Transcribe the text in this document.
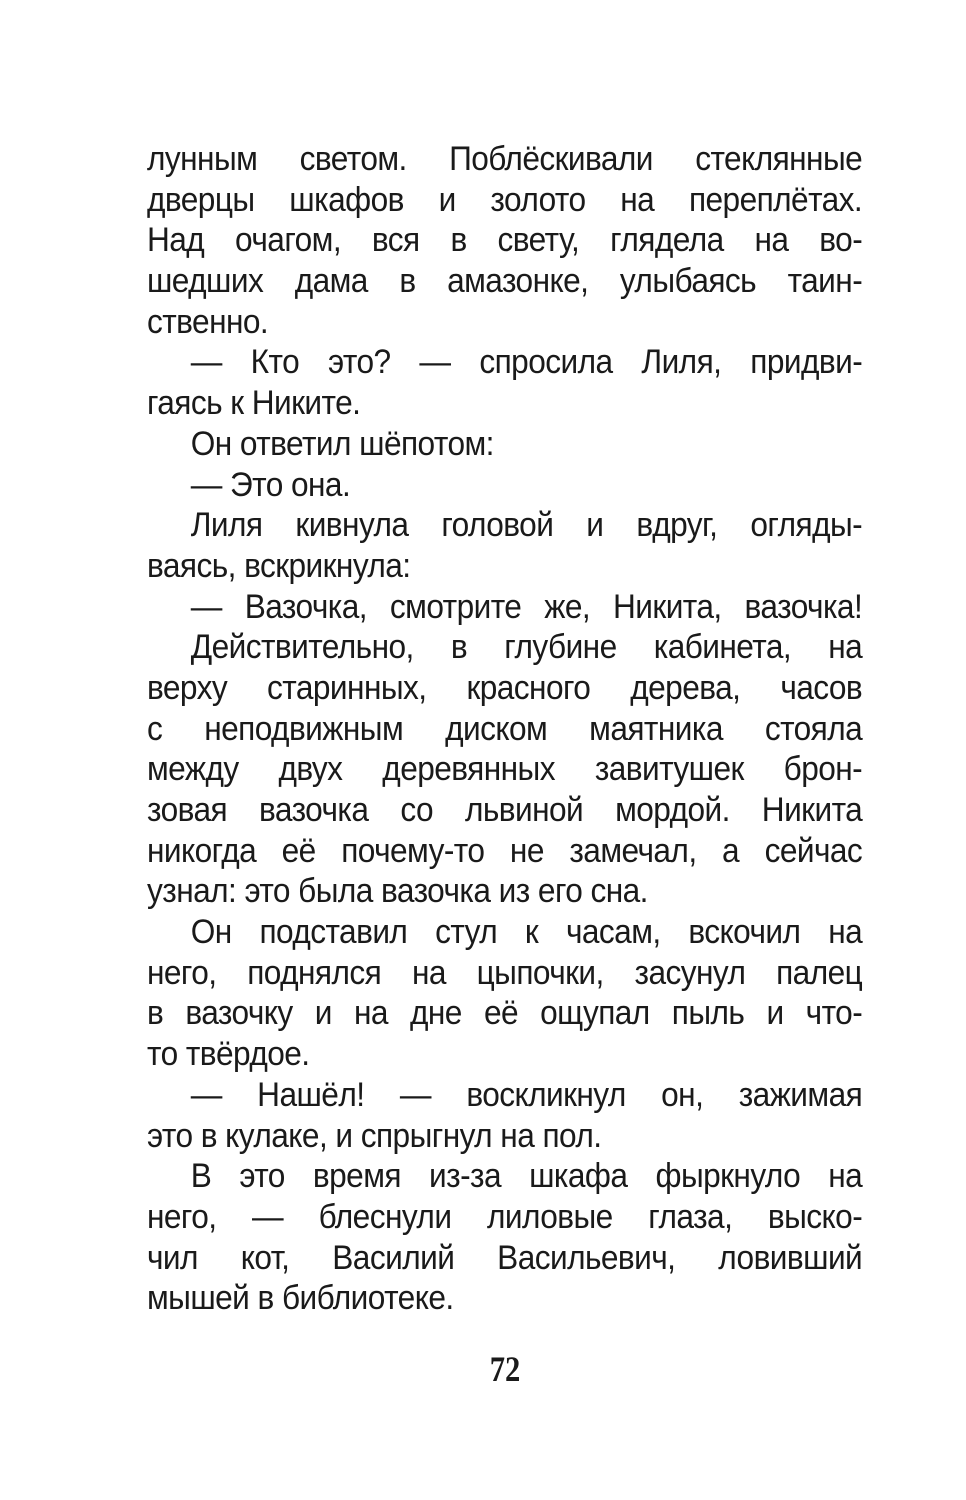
лунным светом. Поблёскивали стеклянные
дверцы шкафов и золото на переплётах.
Над очагом, вся в свету, глядела на во-
шедших дама в амазонке, улыбаясь таин-
ственно.
— Кто это? — спросила Лиля, придви-
гаясь к Никите.
Он ответил шёпотом:
— Это она.
Лиля кивнула головой и вдруг, огляды-
ваясь, вскрикнула:
— Вазочка, смотрите же, Никита, вазочка!
Действительно, в глубине кабинета, на
верху старинных, красного дерева, часов
с неподвижным диском маятника стояла
между двух деревянных завитушек брон-
зовая вазочка со львиной мордой. Никита
никогда её почему-то не замечал, а сейчас
узнал: это была вазочка из его сна.
Он подставил стул к часам, вскочил на
него, поднялся на цыпочки, засунул палец
в вазочку и на дне её ощупал пыль и что-
то твёрдое.
— Нашёл! — воскликнул он, зажимая
это в кулаке, и спрыгнул на пол.
В это время из-за шкафа фыркнуло на
него, — блеснули лиловые глаза, выско-
чил кот, Василий Васильевич, ловивший
мышей в библиотеке.
72
